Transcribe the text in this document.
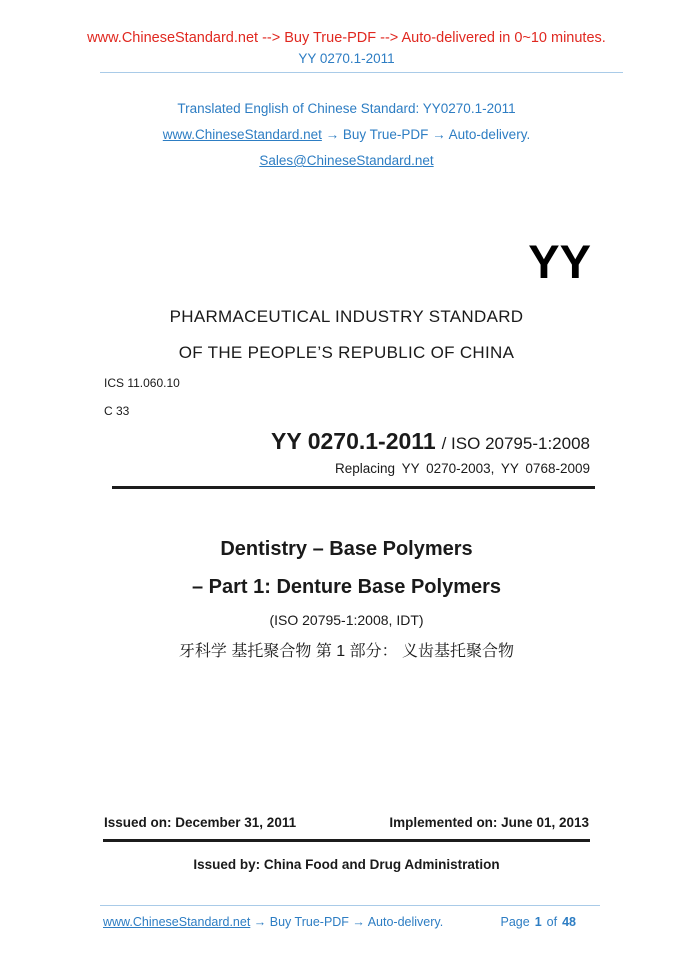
www.ChineseStandard.net --> Buy True-PDF --> Auto-delivered in 0~10 minutes.
YY 0270.1-2011
Translated English of Chinese Standard: YY0270.1-2011
www.ChineseStandard.net → Buy True-PDF → Auto-delivery.
Sales@ChineseStandard.net
YY
PHARMACEUTICAL INDUSTRY STANDARD
OF THE PEOPLE’S REPUBLIC OF CHINA
ICS 11.060.10
C 33
YY 0270.1-2011 / ISO 20795-1:2008
Replacing YY 0270-2003, YY 0768-2009
Dentistry – Base Polymers
– Part 1: Denture Base Polymers
(ISO 20795-1:2008, IDT)
牙科学 基托聚合物 第 1 部分： 义齿基托聚合物
Issued on: December 31, 2011	Implemented on: June 01, 2013
Issued by: China Food and Drug Administration
www.ChineseStandard.net → Buy True-PDF → Auto-delivery.	Page 1 of 48
